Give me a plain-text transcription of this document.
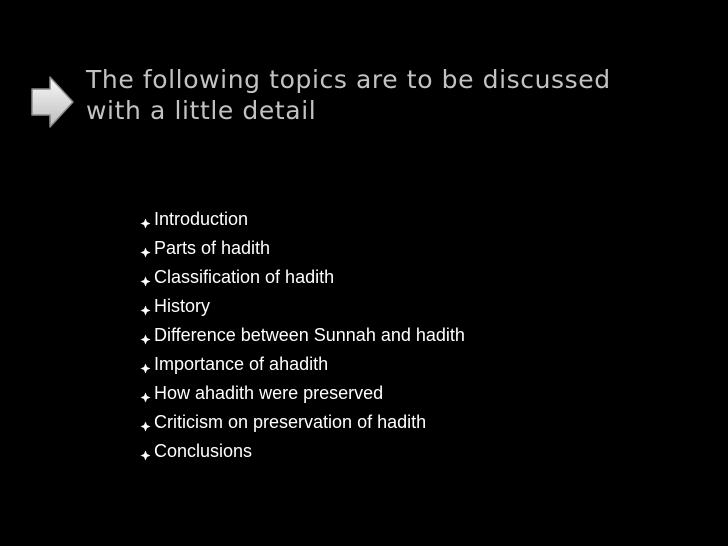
The following topics are to be discussed
with a little detail
Introduction
Parts of hadith
Classification of hadith
History
Difference between Sunnah and hadith
Importance of ahadith
How ahadith were preserved
Criticism on preservation of hadith
Conclusions
